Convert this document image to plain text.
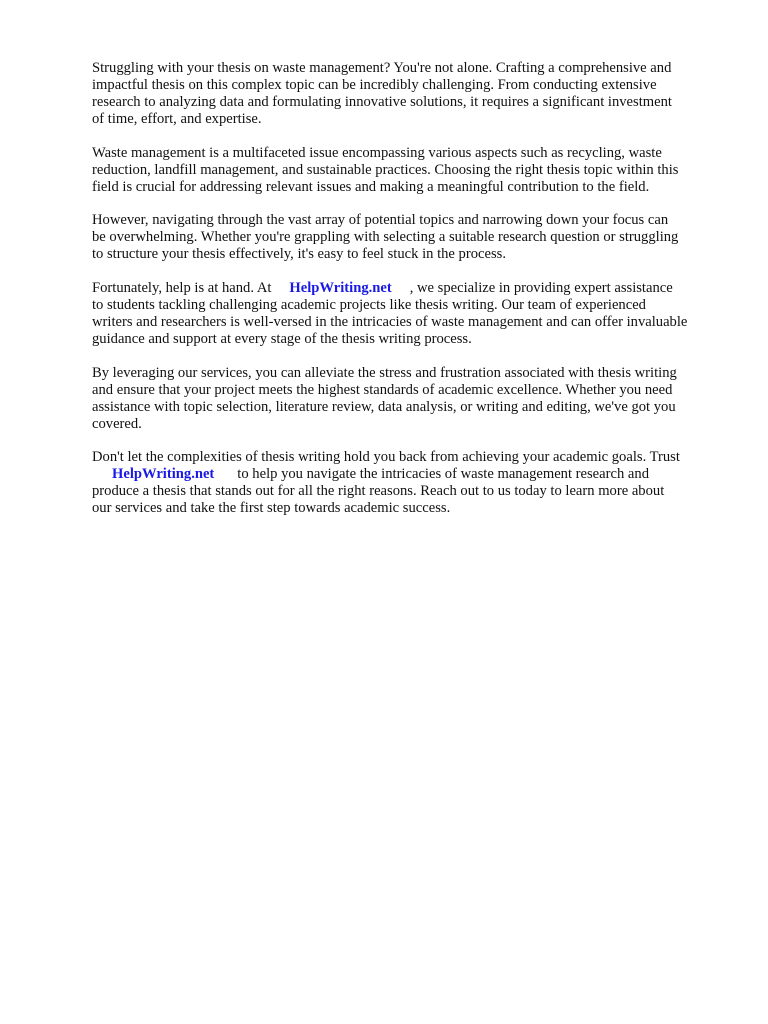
Struggling with your thesis on waste management? You're not alone. Crafting a comprehensive and
impactful thesis on this complex topic can be incredibly challenging. From conducting extensive
research to analyzing data and formulating innovative solutions, it requires a significant investment
of time, effort, and expertise.

Waste management is a multifaceted issue encompassing various aspects such as recycling, waste
reduction, landfill management, and sustainable practices. Choosing the right thesis topic within this
field is crucial for addressing relevant issues and making a meaningful contribution to the field.

However, navigating through the vast array of potential topics and narrowing down your focus can
be overwhelming. Whether you're grappling with selecting a suitable research question or struggling
to structure your thesis effectively, it's easy to feel stuck in the process.

Fortunately, help is at hand. At HelpWriting.net , we specialize in providing expert assistance
to students tackling challenging academic projects like thesis writing. Our team of experienced
writers and researchers is well-versed in the intricacies of waste management and can offer invaluable
guidance and support at every stage of the thesis writing process.

By leveraging our services, you can alleviate the stress and frustration associated with thesis writing
and ensure that your project meets the highest standards of academic excellence. Whether you need
assistance with topic selection, literature review, data analysis, or writing and editing, we've got you
covered.

Don't let the complexities of thesis writing hold you back from achieving your academic goals. Trust
HelpWriting.net to help you navigate the intricacies of waste management research and
produce a thesis that stands out for all the right reasons. Reach out to us today to learn more about
our services and take the first step towards academic success.
